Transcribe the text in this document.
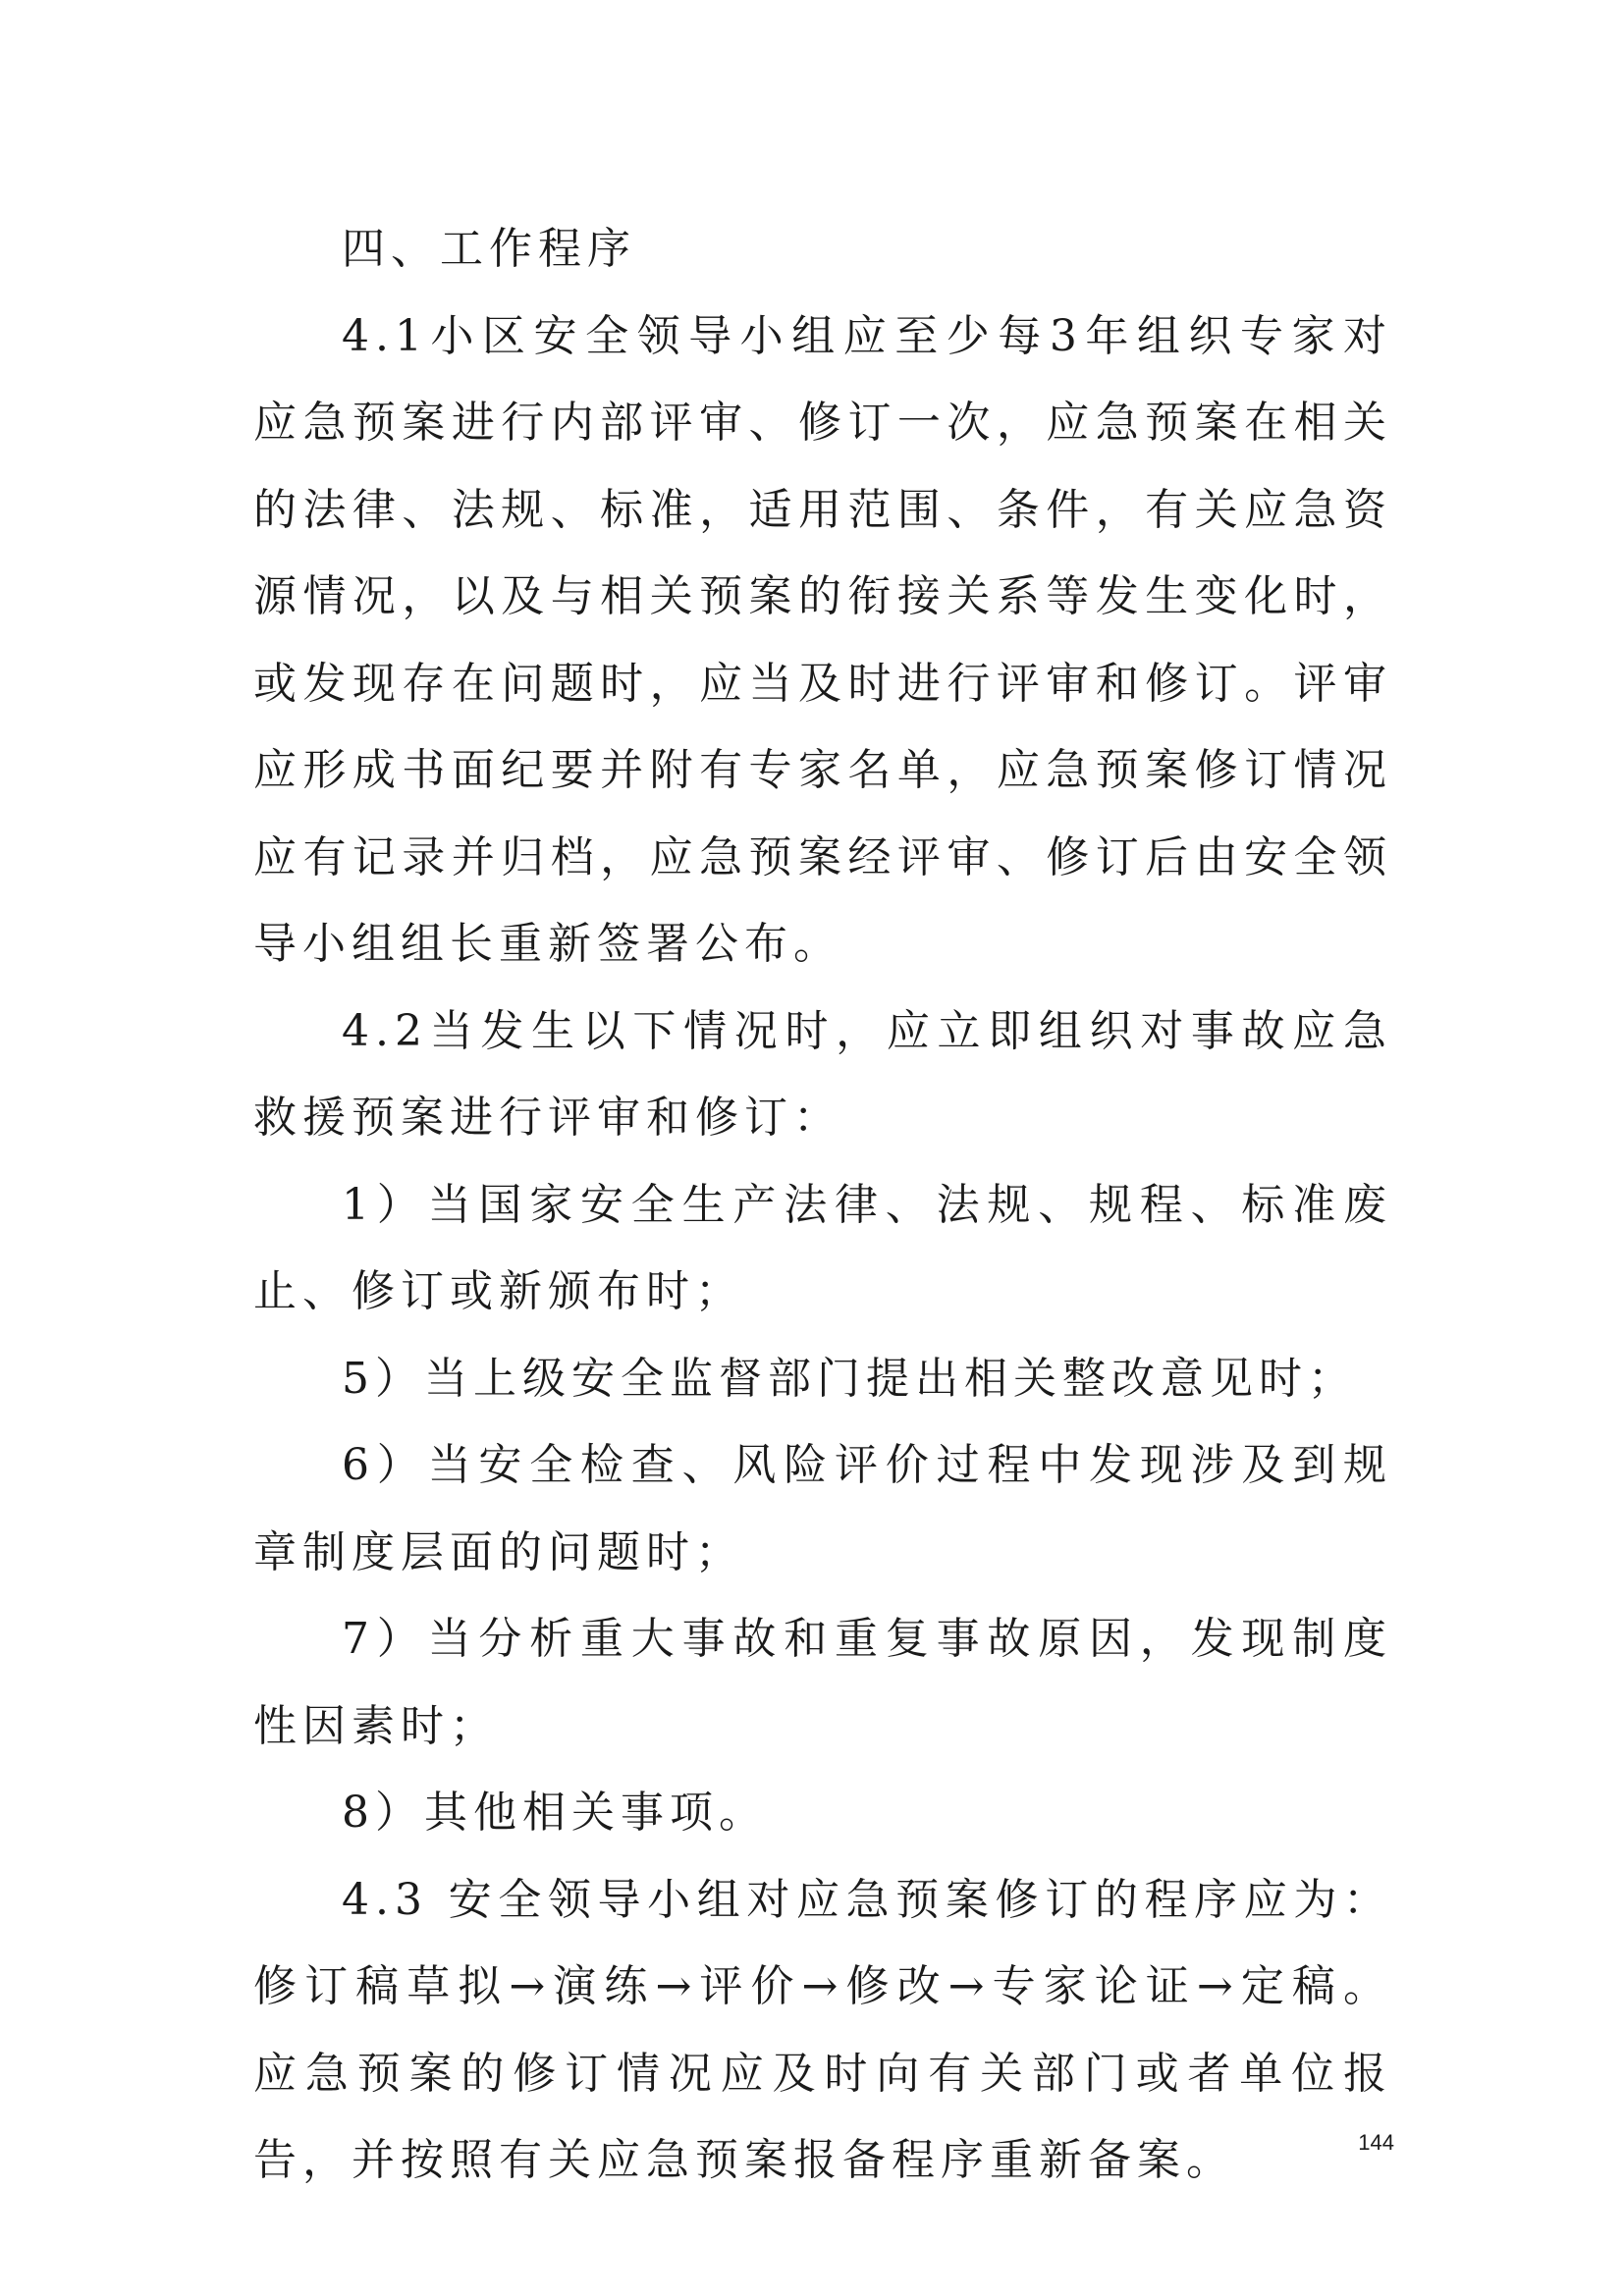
四、工作程序

4.1小区安全领导小组应至少每3年组织专家对应急预案进行内部评审、修订一次，应急预案在相关的法律、法规、标准，适用范围、条件，有关应急资源情况，以及与相关预案的衔接关系等发生变化时，或发现存在问题时，应当及时进行评审和修订。评审应形成书面纪要并附有专家名单，应急预案修订情况应有记录并归档，应急预案经评审、修订后由安全领导小组组长重新签署公布。

4.2当发生以下情况时，应立即组织对事故应急救援预案进行评审和修订：

1）当国家安全生产法律、法规、规程、标准废止、修订或新颁布时；

5）当上级安全监督部门提出相关整改意见时；

6）当安全检查、风险评价过程中发现涉及到规章制度层面的问题时；

7）当分析重大事故和重复事故原因，发现制度性因素时；

8）其他相关事项。

4.3 安全领导小组对应急预案修订的程序应为：修订稿草拟→演练→评价→修改→专家论证→定稿。应急预案的修订情况应及时向有关部门或者单位报告，并按照有关应急预案报备程序重新备案。	144
